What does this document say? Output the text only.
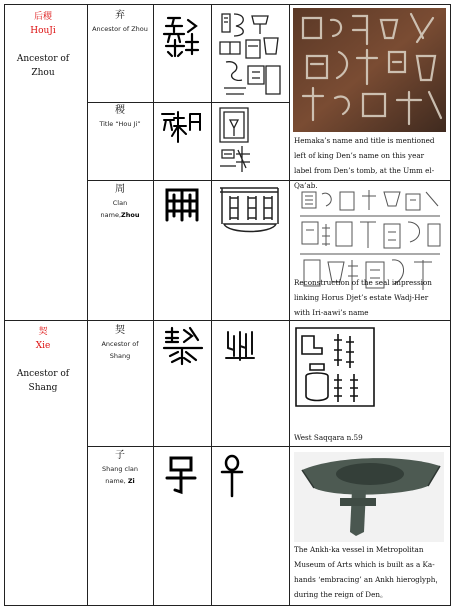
后稷
HouJi
Ancestor of Zhou
契
Xie
Ancestor of Shang
弃
Ancestor of Zhou
稷
Title “Hou Ji”
周
Clan name,Zhou
契
Ancestor of Shang
子
Shang clan name, Zi
Hemaka’s name and title is mentioned left of king Den’s name on this year label from Den’s tomb, at the Umm el-Qa’ab.
Reconstruction of the seal impression linking Horus Djet’s estate Wadj-Her with Iri-aawi’s name
West Saqqara n.59
The Ankh-ka vessel in Metropolitan Museum of Arts which is built as a Ka-hands ‘embracing’ an Ankh hieroglyph，during the reign of Den。
